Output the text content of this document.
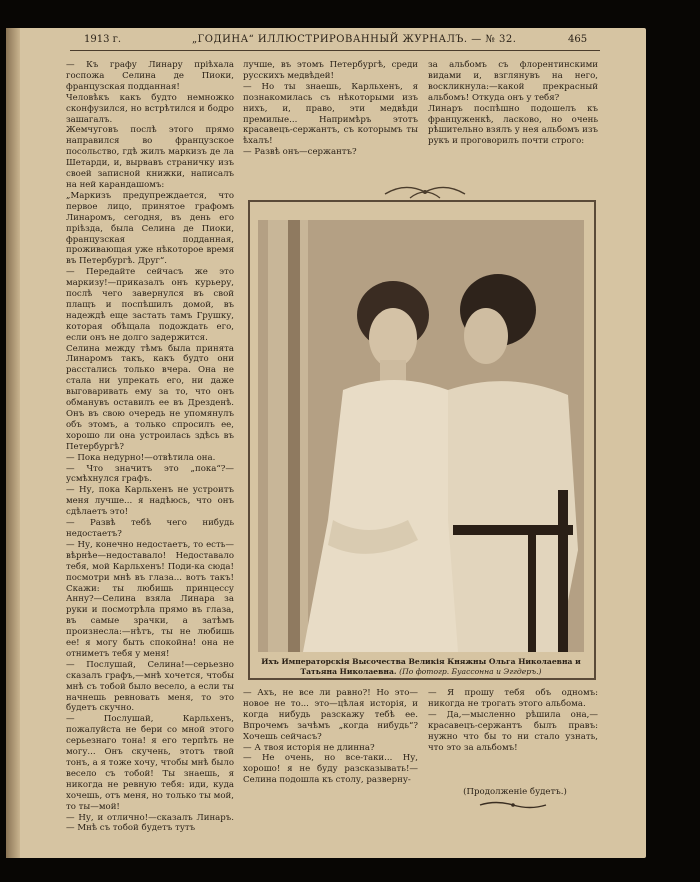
1913 г.	„ГОДИНА“ ИЛЛЮСТРИРОВАННЫЙ ЖУРНАЛЪ. — № 32.	465
— Къ графу Линару пріѣхала госпожа Селина де Пиоки, французская подданная!
Человѣкъ какъ будто немножко сконфузился, но встрѣтился и бодро зашагалъ.
Жемчуговъ послѣ этого прямо направился во французское посольство, гдѣ жилъ маркизъ де ла Шетарди, и, вырвавъ страничку изъ своей записной книжки, написалъ на ней карандашомъ:
„Маркизъ предупреждается, что первое лицо, принятое графомъ Линаромъ, сегодня, въ день его пріѣзда, была Селина де Пиоки, французская подданная, проживающая уже нѣкоторое время въ Петербургѣ. Друг“.
— Передайте сейчасъ же это маркизу!—приказалъ онъ курьеру, послѣ чего завернулся въ свой плащъ и поспѣшилъ домой, въ надеждѣ еще застать тамъ Грушку, которая обѣщала подождать его, если онъ не долго задержится.
Селина между тѣмъ была принята Линаромъ такъ, какъ будто они расстались только вчера. Она не стала ни упрекать его, ни даже выговаривать ему за то, что онъ обманувъ оставилъ ее въ Дрезденѣ. Онъ въ свою очередь не упомянулъ объ этомъ, а только спросилъ ее, хорошо ли она устроилась здѣсь въ Петербургѣ?
— Пока недурно!—отвѣтила она.
— Что значитъ это „пока“?—усмѣхнулся графъ.
— Ну, пока Карльхенъ не устроитъ меня лучше... я надѣюсь, что онъ сдѣлаетъ это!
— Развѣ тебѣ чего нибудь недостаетъ?
— Ну, конечно недостаетъ, то есть—вѣрнѣе—недоставало! Недоставало тебя, мой Карльхенъ! Поди-ка сюда! посмотри мнѣ въ глаза... вотъ такъ! Скажи: ты любишь принцессу Анну?—Селина взяла Линара за руки и посмотрѣла прямо въ глаза, въ самые зрачки, а затѣмъ произнесла:—нѣтъ, ты не любишь ее! я могу быть спокойна! она не отниметъ тебя у меня!
— Послушай, Селина!—серьезно сказалъ графъ,—мнѣ хочется, чтобы мнѣ съ тобой было весело, а если ты начнешь ревновать меня, то это будетъ скучно.
— Послушай, Карльхенъ, пожалуйста не бери со мной этого серьезнаго тона! я его терпѣть не могу... Онъ скучень, этотъ твой тонъ, а я тоже хочу, чтобы мнѣ было весело съ тобой! Ты знаешь, я никогда не ревную тебя: иди, куда хочешь, отъ меня, но только ты мой, то ты—мой!
— Ну, и отлично!—сказалъ Линаръ. — Мнѣ съ тобой будетъ тутъ
лучше, въ этомъ Петербургѣ, среди русскихъ медвѣдей!
— Но ты знаешь, Карльхенъ, я познакомилась съ нѣкоторыми изъ нихъ, и, право, эти медвѣди премилые... Напримѣръ этотъ красавецъ-сержантъ, съ которымъ ты ѣхалъ!
— Развѣ онъ—сержантъ?
за альбомъ съ флорентинскими видами и, взглянувъ на него, воскликнула:—какой прекрасный альбомъ! Откуда онъ у тебя?
Линаръ поспѣшно подошелъ къ француженкѣ, ласково, но очень рѣшительно взялъ у нея альбомъ изъ рукъ и проговорилъ почти строго:
Ихъ Императорскія Высочества Великія Княжны Ольга Николаевна и Татьяна Николаевна. (По фотогр. Буассонна и Эггдеръ.)
— Ахъ, не все ли равно?! Но это—новое не то... это—цѣлая исторія, и когда нибудь разскажу тебѣ ее. Впрочемъ зачѣмъ „когда нибудь“? Хочешь сейчасъ?
— А твоя исторія не длинна?
— Не очень, но все-таки... Ну, хорошо! я не буду разсказывать!—Селина подошла къ столу, разверну-
— Я прошу тебя объ одномъ: никогда не трогать этого альбома.
— Да,—мысленно рѣшила она,—красавецъ-сержантъ былъ правъ: нужно что бы то ни стало узнать, что это за альбомъ!
(Продолженіе будетъ.)
